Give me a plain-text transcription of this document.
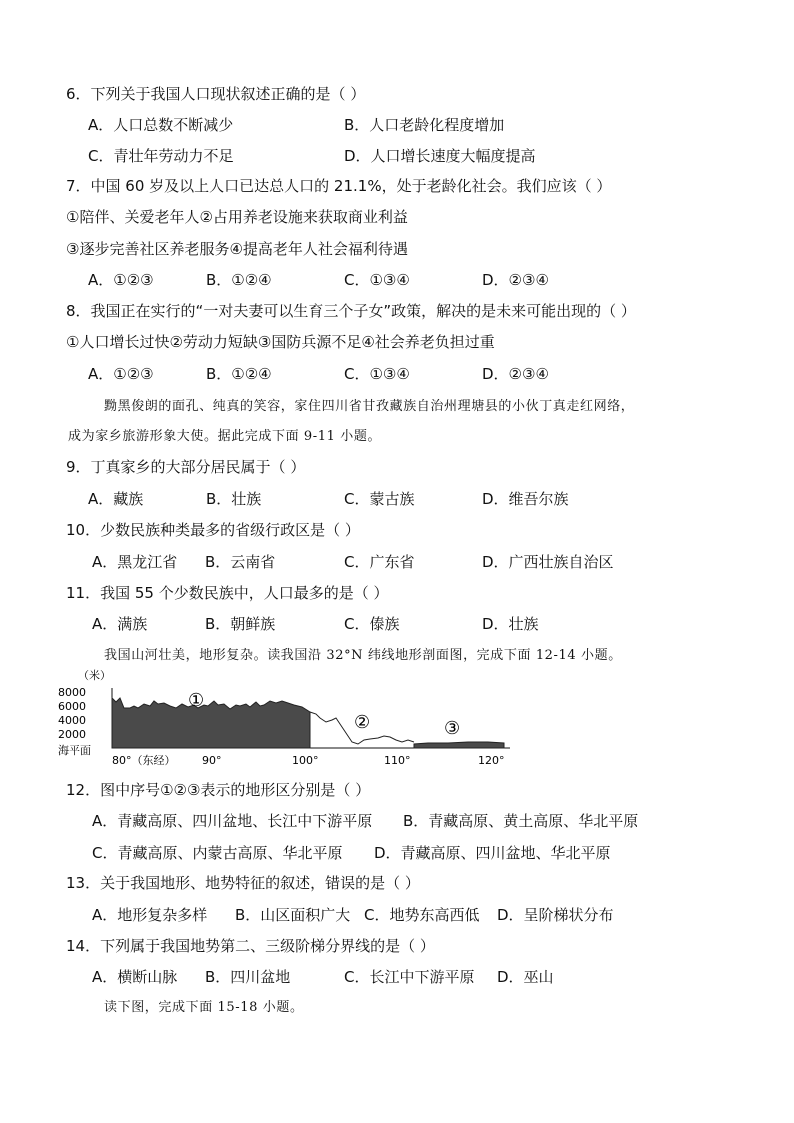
6．下列关于我国人口现状叙述正确的是（ ）
A．人口总数不断减少	B．人口老龄化程度增加
C．青壮年劳动力不足	D．人口增长速度大幅度提高
7．中国 60 岁及以上人口已达总人口的 21.1%，处于老龄化社会。我们应该（ ）
①陪伴、关爱老年人②占用养老设施来获取商业利益
③逐步完善社区养老服务④提高老年人社会福利待遇
A．①②③	B．①②④	C．①③④	D．②③④
8．我国正在实行的“一对夫妻可以生育三个子女”政策，解决的是未来可能出现的（ ）
①人口增长过快②劳动力短缺③国防兵源不足④社会养老负担过重
A．①②③	B．①②④	C．①③④	D．②③④
黝黑俊朗的面孔、纯真的笑容，家住四川省甘孜藏族自治州理塘县的小伙丁真走红网络，
成为家乡旅游形象大使。据此完成下面 9-11 小题。
9．丁真家乡的大部分居民属于（ ）
A．藏族	B．壮族	C．蒙古族	D．维吾尔族
10．少数民族种类最多的省级行政区是（ ）
A．黑龙江省 B．云南省	C．广东省	D．广西壮族自治区
11．我国 55 个少数民族中，人口最多的是（ ）
A．满族	B．朝鲜族	C．傣族	D．壮族
我国山河壮美，地形复杂。读我国沿 32°N 纬线地形剖面图，完成下面 12-14 小题。
（米）
8000
6000
4000
2000
海平面
①
②	③
80°（东经） 90°	100°	110°	120°
12．图中序号①②③表示的地形区分别是（ ）
A．青藏高原、四川盆地、长江中下游平原 B．青藏高原、黄土高原、华北平原
C．青藏高原、内蒙古高原、华北平原 D．青藏高原、四川盆地、华北平原
13．关于我国地形、地势特征的叙述，错误的是（ ）
A．地形复杂多样 B．山区面积广大 C．地势东高西低 D．呈阶梯状分布
14．下列属于我国地势第二、三级阶梯分界线的是（ ）
A．横断山脉 B．四川盆地	C．长江中下游平原 D．巫山
读下图，完成下面 15-18 小题。
